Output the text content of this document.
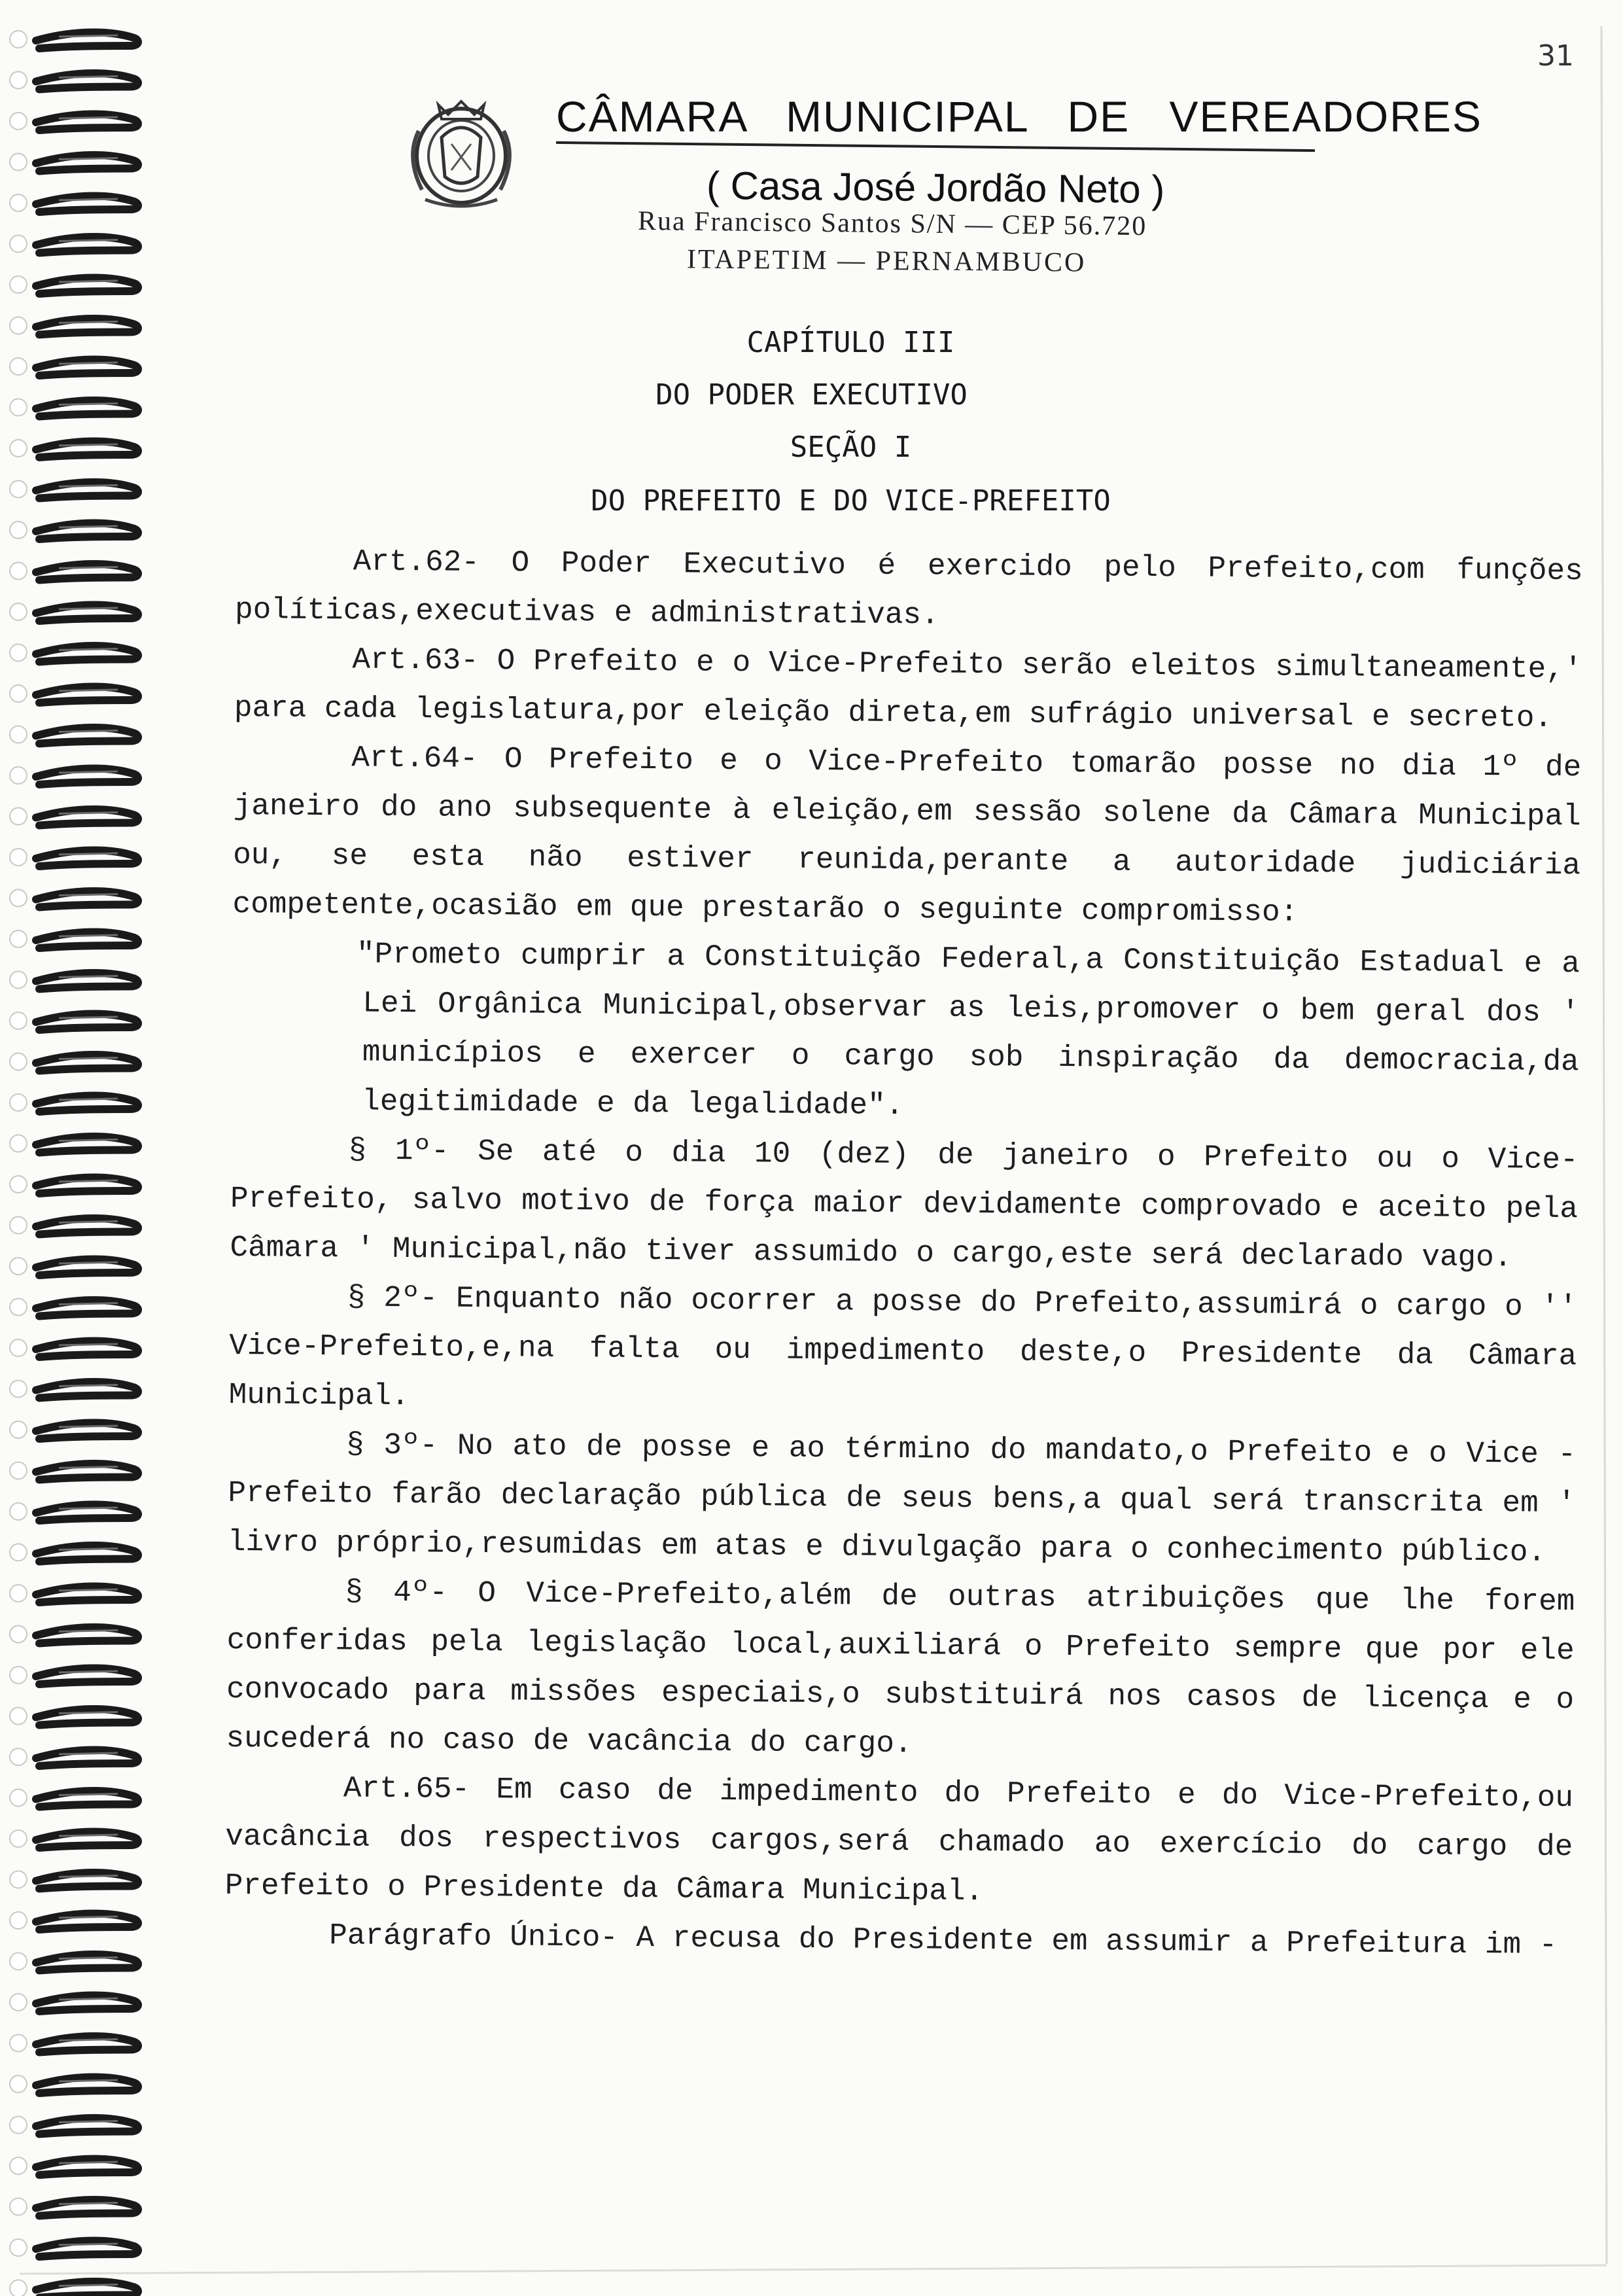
31
CÂMARA MUNICIPAL DE VEREADORES
( Casa José Jordão Neto )
Rua Francisco Santos S/N — CEP 56.720
ITAPETIM — PERNAMBUCO
CAPÍTULO III
DO PODER EXECUTIVO
SEÇÃO I
DO PREFEITO E DO VICE-PREFEITO

Art.62- O Poder Executivo é exercido pelo Prefeito,com funções políticas,executivas e administrativas.

Art.63- O Prefeito e o Vice-Prefeito serão eleitos simultaneamente,' para cada legislatura,por eleição direta,em sufrágio universal e secreto.

Art.64- O Prefeito e o Vice-Prefeito tomarão posse no dia 1º de janeiro do ano subsequente à eleição,em sessão solene da Câmara Municipal ou, se esta não estiver reunida,perante a autoridade judiciária competente,ocasião em que prestarão o seguinte compromisso:

"Prometo cumprir a Constituição Federal,a Constituição Estadual e a Lei Orgânica Municipal,observar as leis,promover o bem geral dos ' municípios e exercer o cargo sob inspiração da democracia,da legitimidade e da legalidade".

§ 1º- Se até o dia 10 (dez) de janeiro o Prefeito ou o Vice-Prefeito, salvo motivo de força maior devidamente comprovado e aceito pela Câmara ' Municipal,não tiver assumido o cargo,este será declarado vago.

§ 2º- Enquanto não ocorrer a posse do Prefeito,assumirá o cargo o '' Vice-Prefeito,e,na falta ou impedimento deste,o Presidente da Câmara Municipal.

§ 3º- No ato de posse e ao término do mandato,o Prefeito e o Vice - Prefeito farão declaração pública de seus bens,a qual será transcrita em ' livro próprio,resumidas em atas e divulgação para o conhecimento público.

§ 4º- O Vice-Prefeito,além de outras atribuições que lhe forem conferidas pela legislação local,auxiliará o Prefeito sempre que por ele convocado para missões especiais,o substituirá nos casos de licença e o sucederá no caso de vacância do cargo.

Art.65- Em caso de impedimento do Prefeito e do Vice-Prefeito,ou vacância dos respectivos cargos,será chamado ao exercício do cargo de Prefeito o Presidente da Câmara Municipal.

Parágrafo Único- A recusa do Presidente em assumir a Prefeitura im -
